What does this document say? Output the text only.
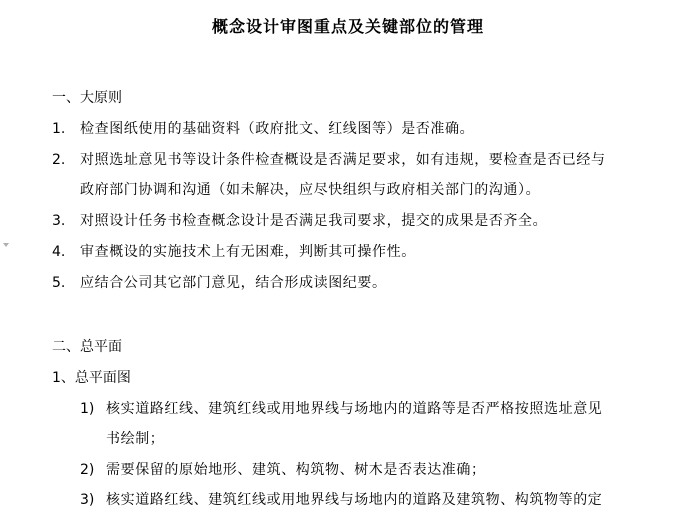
概念设计审图重点及关键部位的管理
一、大原则
1. 检查图纸使用的基础资料（政府批文、红线图等）是否准确。
2. 对照选址意见书等设计条件检查概设是否满足要求，如有违规，要检查是否已经与
政府部门协调和沟通（如未解决，应尽快组织与政府相关部门的沟通）。
3. 对照设计任务书检查概念设计是否满足我司要求，提交的成果是否齐全。
4. 审查概设的实施技术上有无困难，判断其可操作性。
5. 应结合公司其它部门意见，结合形成读图纪要。
二、总平面
1、总平面图
1) 核实道路红线、建筑红线或用地界线与场地内的道路等是否严格按照选址意见
书绘制；
2) 需要保留的原始地形、建筑、构筑物、树木是否表达准确；
3) 核实道路红线、建筑红线或用地界线与场地内的道路及建筑物、构筑物等的定
